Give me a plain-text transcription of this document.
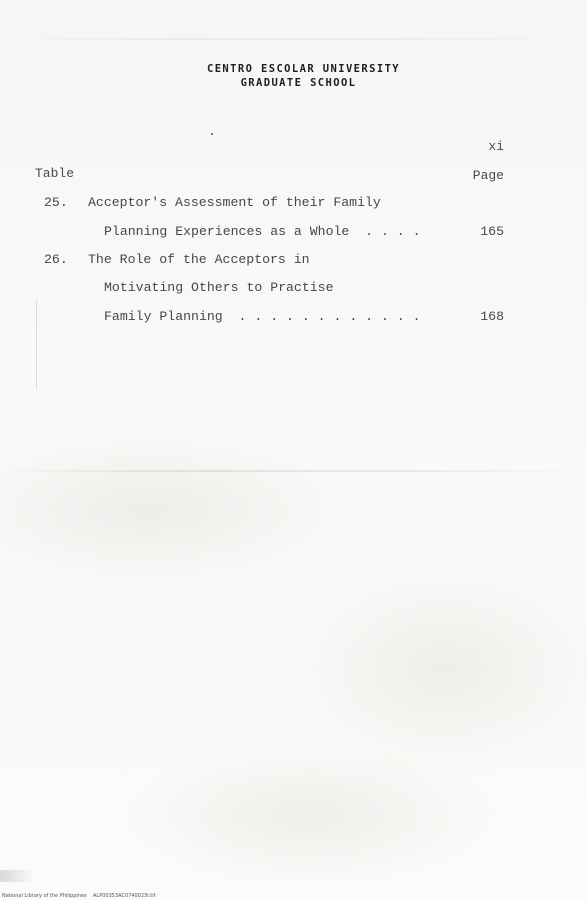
CENTRO ESCOLAR UNIVERSITY
GRADUATE SCHOOL
xi
Table	Page
25. Acceptor's Assessment of their Family
Planning Experiences as a Whole  . . . .	165
26. The Role of the Acceptors in
Motivating Others to Practise
Family Planning  . . . . . . . . . . . .	168
National Library of the Philippines    ALP00353AC0740023I.tif
